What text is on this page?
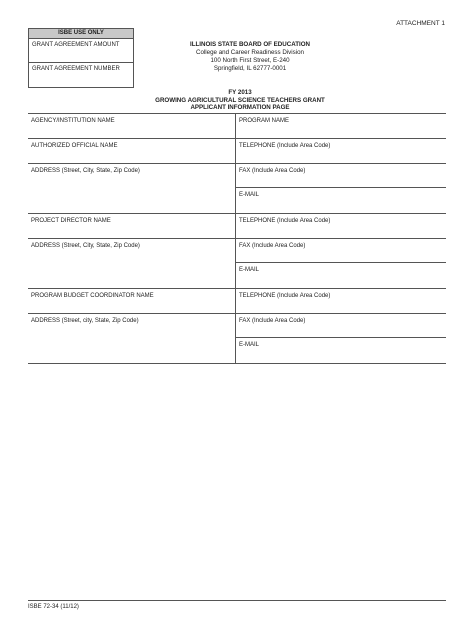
ATTACHMENT 1
ISBE USE ONLY
GRANT AGREEMENT AMOUNT
GRANT AGREEMENT NUMBER
ILLINOIS STATE BOARD OF EDUCATION
College and Career Readiness Division
100 North First Street, E-240
Springfield, IL 62777-0001
FY 2013
GROWING AGRICULTURAL SCIENCE TEACHERS GRANT
APPLICANT INFORMATION PAGE
AGENCY/INSTITUTION NAME	PROGRAM NAME
AUTHORIZED OFFICIAL NAME	TELEPHONE (Include Area Code)
ADDRESS (Street, City, State, Zip Code)	FAX (Include Area Code)
E-MAIL
PROJECT DIRECTOR NAME	TELEPHONE (Include Area Code)
ADDRESS (Street, City, State, Zip Code)	FAX (Include Area Code)
E-MAIL
PROGRAM BUDGET COORDINATOR NAME	TELEPHONE (Include Area Code)
ADDRESS (Street, city, State, Zip Code)	FAX (Include Area Code)
E-MAIL
ISBE 72-34 (11/12)
